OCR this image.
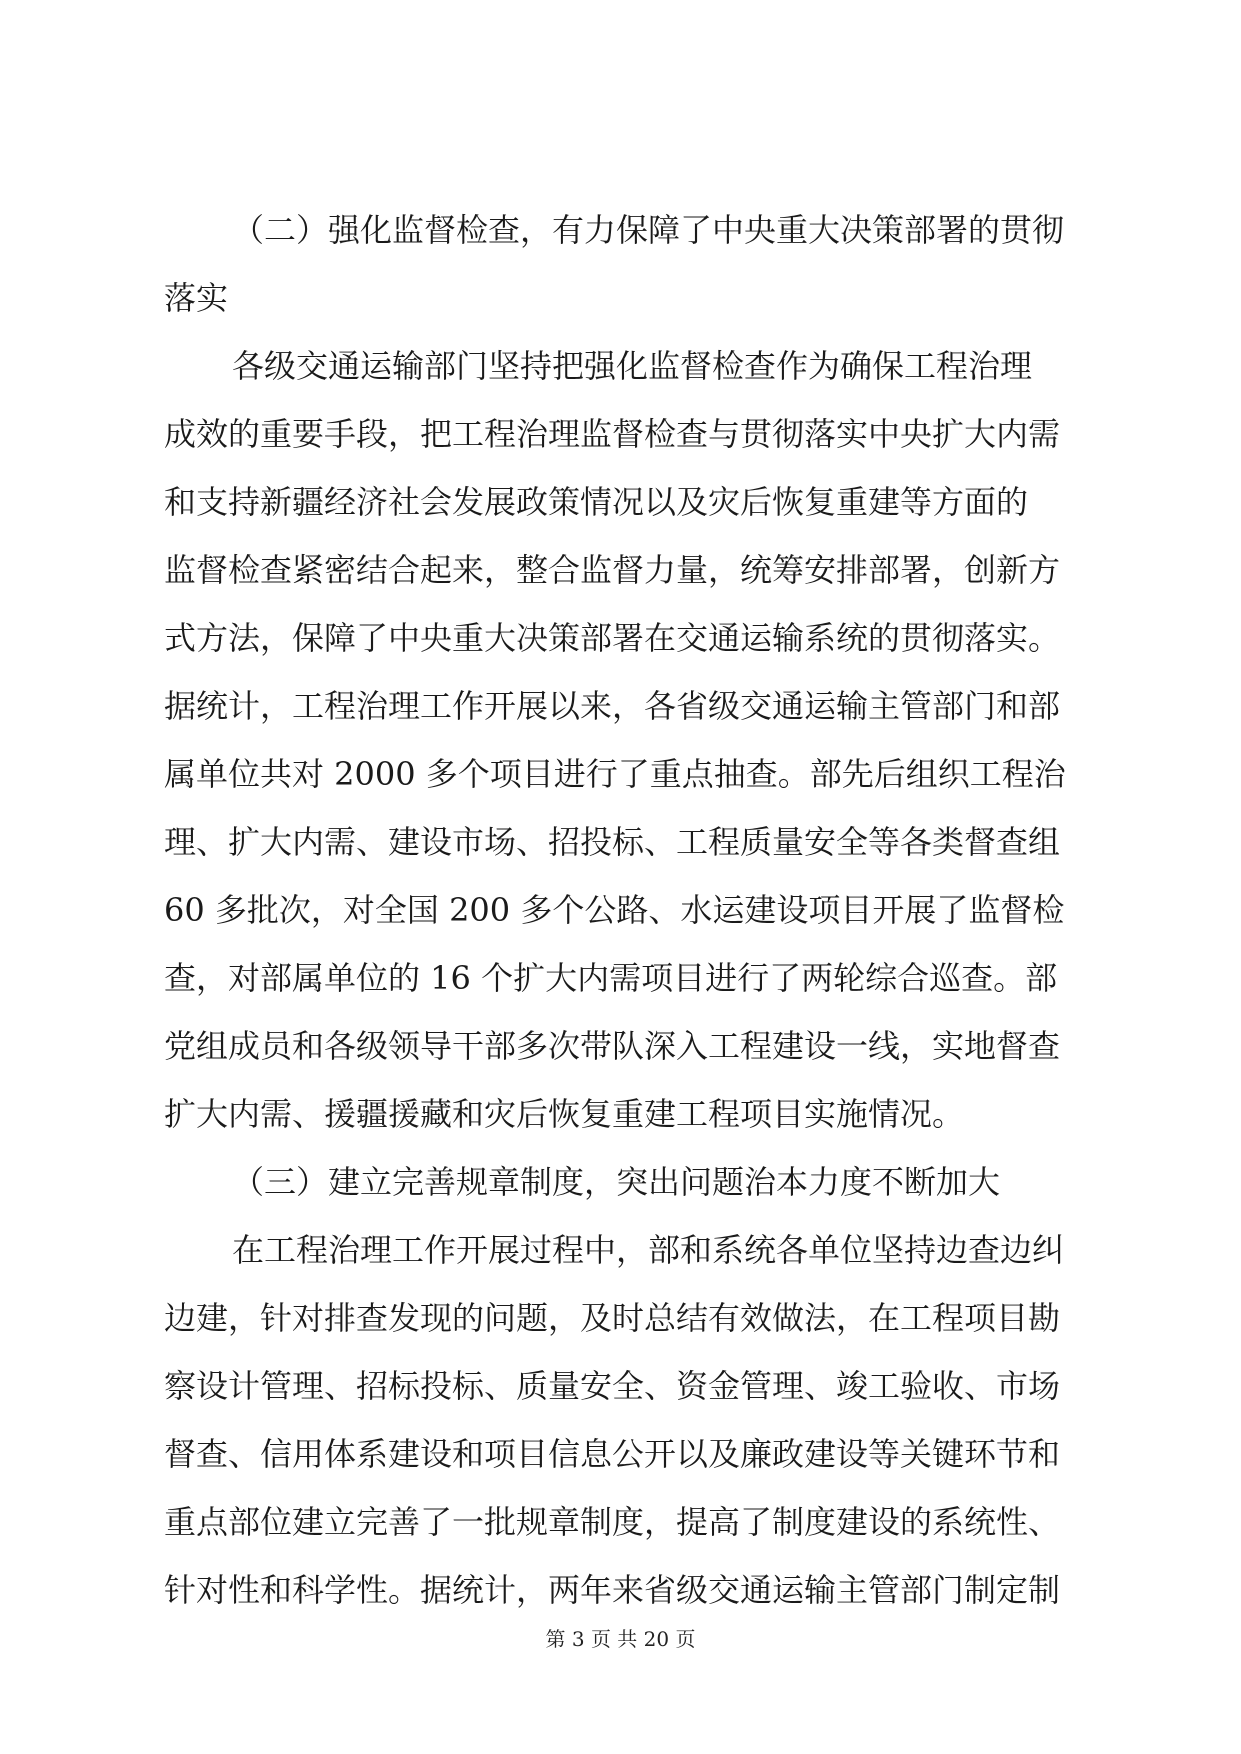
（二）强化监督检查，有力保障了中央重大决策部署的贯彻
落实
各级交通运输部门坚持把强化监督检查作为确保工程治理
成效的重要手段，把工程治理监督检查与贯彻落实中央扩大内需
和支持新疆经济社会发展政策情况以及灾后恢复重建等方面的
监督检查紧密结合起来，整合监督力量，统筹安排部署，创新方
式方法，保障了中央重大决策部署在交通运输系统的贯彻落实。
据统计，工程治理工作开展以来，各省级交通运输主管部门和部
属单位共对 2000 多个项目进行了重点抽查。部先后组织工程治
理、扩大内需、建设市场、招投标、工程质量安全等各类督查组
60 多批次，对全国 200 多个公路、水运建设项目开展了监督检
查，对部属单位的 16 个扩大内需项目进行了两轮综合巡查。部
党组成员和各级领导干部多次带队深入工程建设一线，实地督查
扩大内需、援疆援藏和灾后恢复重建工程项目实施情况。
（三）建立完善规章制度，突出问题治本力度不断加大
在工程治理工作开展过程中，部和系统各单位坚持边查边纠
边建，针对排查发现的问题，及时总结有效做法，在工程项目勘
察设计管理、招标投标、质量安全、资金管理、竣工验收、市场
督查、信用体系建设和项目信息公开以及廉政建设等关键环节和
重点部位建立完善了一批规章制度，提高了制度建设的系统性、
针对性和科学性。据统计，两年来省级交通运输主管部门制定制
第 3 页 共 20 页
